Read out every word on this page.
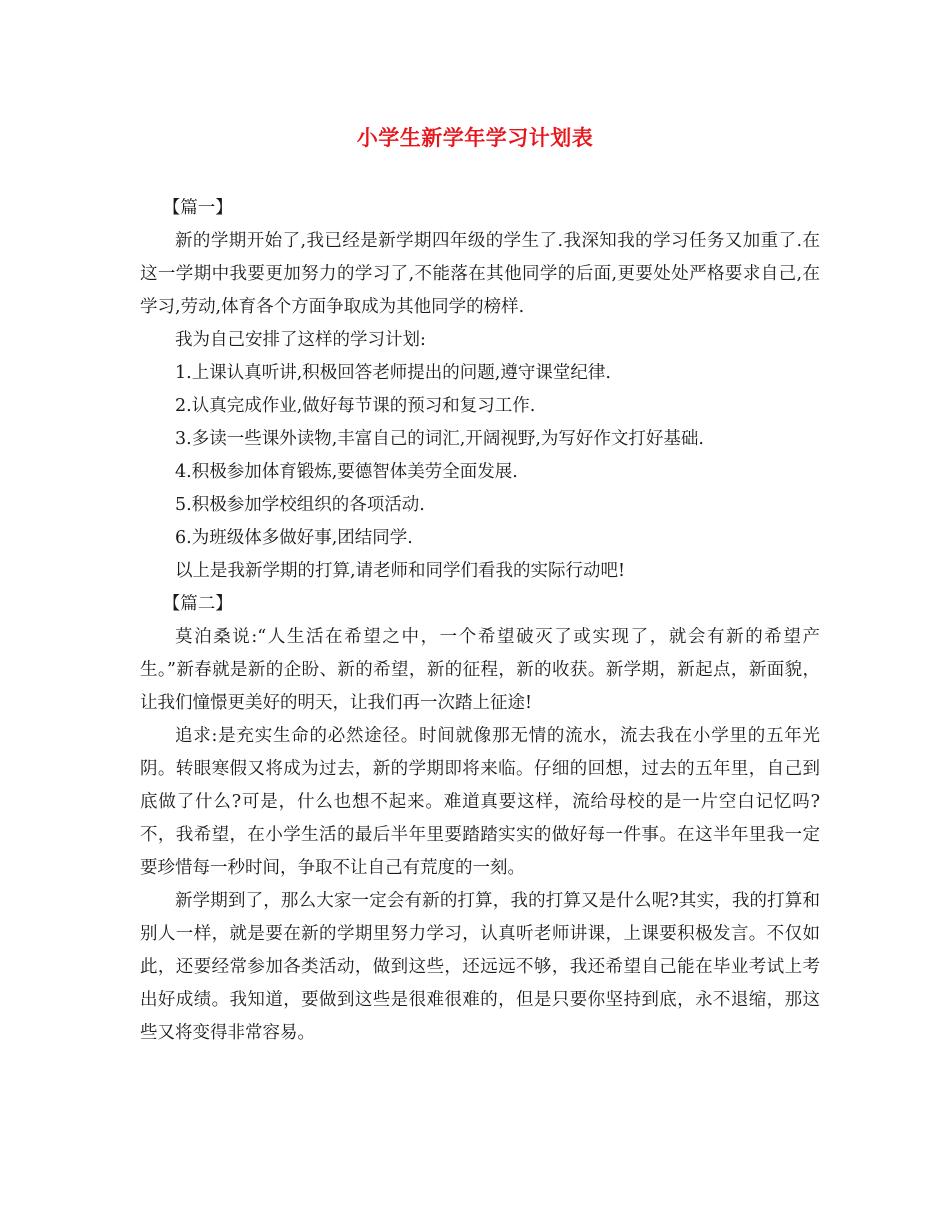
小学生新学年学习计划表

【篇一】

新的学期开始了,我已经是新学期四年级的学生了.我深知我的学习任务又加重了.在这一学期中我要更加努力的学习了,不能落在其他同学的后面,更要处处严格要求自己,在学习,劳动,体育各个方面争取成为其他同学的榜样.

我为自己安排了这样的学习计划:

1.上课认真听讲,积极回答老师提出的问题,遵守课堂纪律.

2.认真完成作业,做好每节课的预习和复习工作.

3.多读一些课外读物,丰富自己的词汇,开阔视野,为写好作文打好基础.

4.积极参加体育锻炼,要德智体美劳全面发展.

5.积极参加学校组织的各项活动.

6.为班级体多做好事,团结同学.

以上是我新学期的打算,请老师和同学们看我的实际行动吧!

【篇二】

莫泊桑说:“人生活在希望之中，一个希望破灭了或实现了，就会有新的希望产生。”新春就是新的企盼、新的希望，新的征程，新的收获。新学期，新起点，新面貌，让我们憧憬更美好的明天，让我们再一次踏上征途!

追求:是充实生命的必然途径。时间就像那无情的流水，流去我在小学里的五年光阴。转眼寒假又将成为过去，新的学期即将来临。仔细的回想，过去的五年里，自己到底做了什么?可是，什么也想不起来。难道真要这样，流给母校的是一片空白记忆吗?不，我希望，在小学生活的最后半年里要踏踏实实的做好每一件事。在这半年里我一定要珍惜每一秒时间，争取不让自己有荒度的一刻。

新学期到了，那么大家一定会有新的打算，我的打算又是什么呢?其实，我的打算和别人一样，就是要在新的学期里努力学习，认真听老师讲课，上课要积极发言。不仅如此，还要经常参加各类活动，做到这些，还远远不够，我还希望自己能在毕业考试上考出好成绩。我知道，要做到这些是很难很难的，但是只要你坚持到底，永不退缩，那这些又将变得非常容易。
